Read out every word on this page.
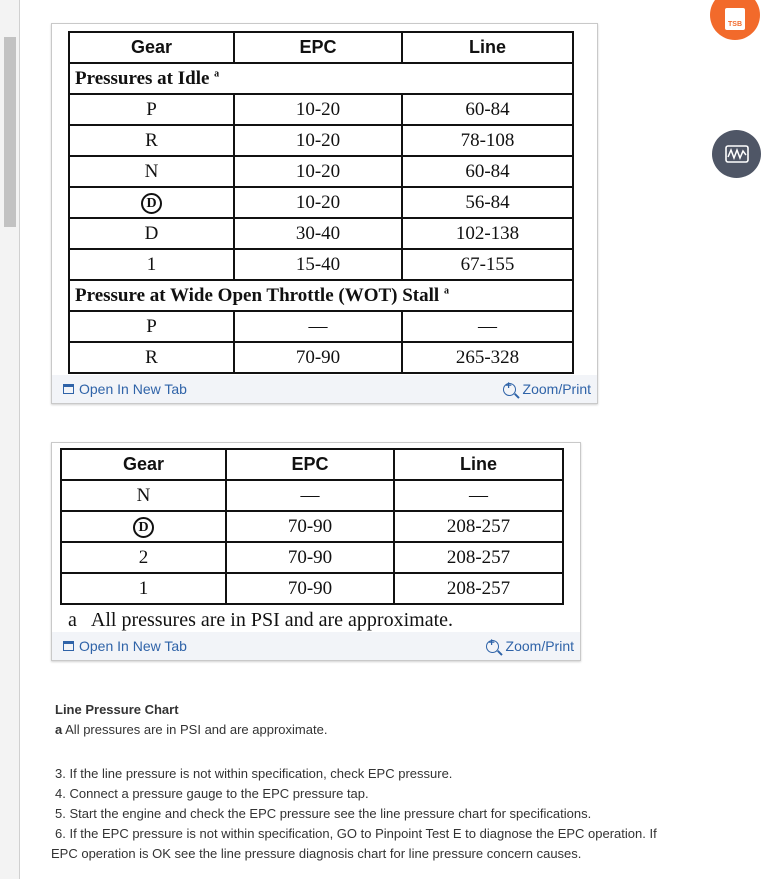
Gear	EPC	Line
Pressures at Idle $^a$
P	10-20	60-84
R	10-20	78-108
N	10-20	60-84
D	10-20	56-84
D	30-40	102-138
1	15-40	67-155
Pressure at Wide Open Throttle (WOT) Stall $^a$
P	—	—
R	70-90	265-328
Open In New Tab +	Zoom/Print
Gear	EPC	Line
N	—	—
D	70-90	208-257
2	70-90	208-257
1	70-90	208-257
a All pressures are in PSI and are approximate.
Open In New Tab +	Zoom/Print
TSB
Line Pressure Chart
a All pressures are in PSI and are approximate.

3. If the line pressure is not within specification, check EPC pressure.

4. Connect a pressure gauge to the EPC pressure tap.

5. Start the engine and check the EPC pressure see the line pressure chart for specifications.

6. If the EPC pressure is not within specification, GO to Pinpoint Test E to diagnose the EPC operation. If EPC operation is OK see the line pressure diagnosis chart for line pressure concern causes.
